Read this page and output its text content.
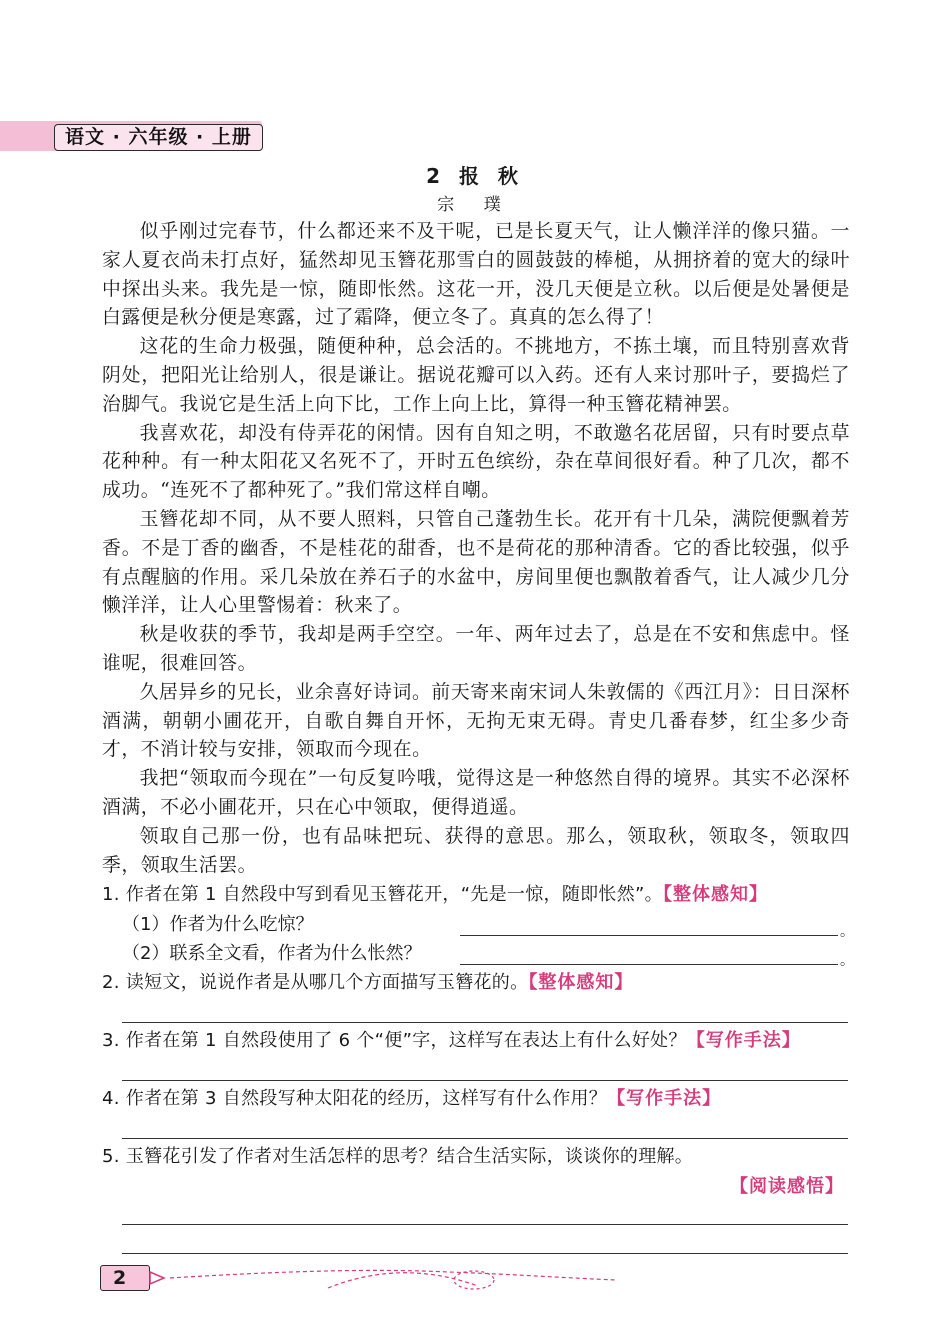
语文 · 六年级 · 上册
2 报 秋

宗 璞

似乎刚过完春节，什么都还来不及干呢，已是长夏天气，让人懒洋洋的像只猫。一家人夏衣尚未打点好，猛然却见玉簪花那雪白的圆鼓鼓的棒槌，从拥挤着的宽大的绿叶中探出头来。我先是一惊，随即怅然。这花一开，没几天便是立秋。以后便是处暑便是白露便是秋分便是寒露，过了霜降，便立冬了。真真的怎么得了！

这花的生命力极强，随便种种，总会活的。不挑地方，不拣土壤，而且特别喜欢背阴处，把阳光让给别人，很是谦让。据说花瓣可以入药。还有人来讨那叶子，要捣烂了治脚气。我说它是生活上向下比，工作上向上比，算得一种玉簪花精神罢。

我喜欢花，却没有侍弄花的闲情。因有自知之明，不敢邀名花居留，只有时要点草花种种。有一种太阳花又名死不了，开时五色缤纷，杂在草间很好看。种了几次，都不成功。“连死不了都种死了。”我们常这样自嘲。

玉簪花却不同，从不要人照料，只管自己蓬勃生长。花开有十几朵，满院便飘着芳香。不是丁香的幽香，不是桂花的甜香，也不是荷花的那种清香。它的香比较强，似乎有点醒脑的作用。采几朵放在养石子的水盆中，房间里便也飘散着香气，让人减少几分懒洋洋，让人心里警惕着：秋来了。

秋是收获的季节，我却是两手空空。一年、两年过去了，总是在不安和焦虑中。怪谁呢，很难回答。

久居异乡的兄长，业余喜好诗词。前天寄来南宋词人朱敦儒的《西江月》：日日深杯酒满，朝朝小圃花开，自歌自舞自开怀，无拘无束无碍。青史几番春梦，红尘多少奇才，不消计较与安排，领取而今现在。

我把“领取而今现在”一句反复吟哦，觉得这是一种悠然自得的境界。其实不必深杯酒满，不必小圃花开，只在心中领取，便得逍遥。

领取自己那一份，也有品味把玩、获得的意思。那么，领取秋，领取冬，领取四季，领取生活罢。

1. 作者在第 1 自然段中写到看见玉簪花开，“先是一惊，随即怅然”。【整体感知】

（1）作者为什么吃惊？	。

（2）联系全文看，作者为什么怅然？	。

2. 读短文，说说作者是从哪几个方面描写玉簪花的。【整体感知】

3. 作者在第 1 自然段使用了 6 个“便”字，这样写在表达上有什么好处？【写作手法】

4. 作者在第 3 自然段写种太阳花的经历，这样写有什么作用？【写作手法】

5. 玉簪花引发了作者对生活怎样的思考？结合生活实际，谈谈你的理解。

【阅读感悟】
2
